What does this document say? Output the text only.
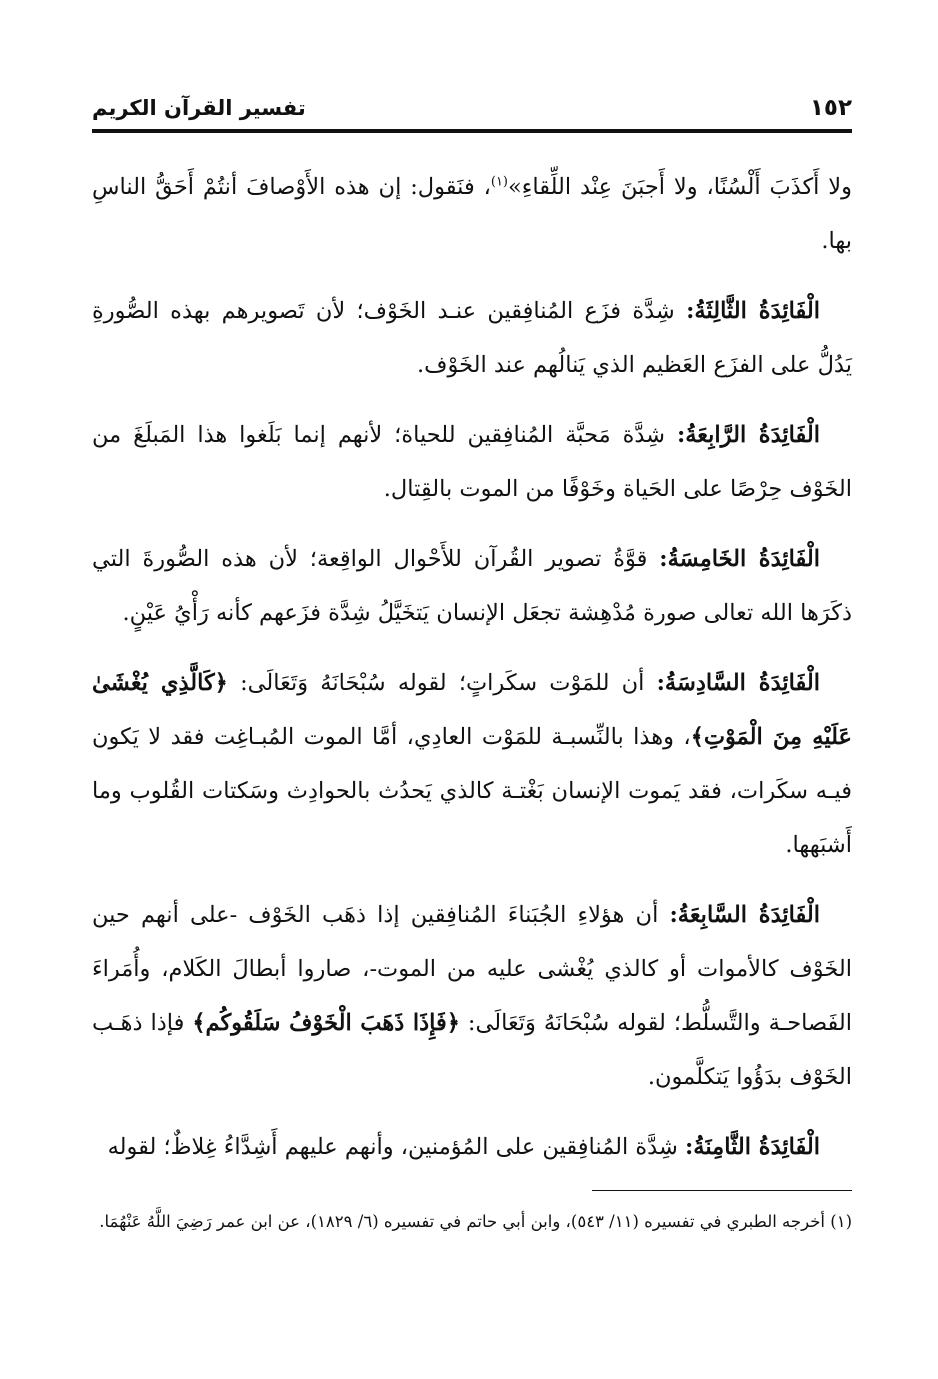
١٥٢
تفسير القرآن الكريم

ولا أَكذَبَ أَلْسُنًا، ولا أَجبَنَ عِنْد اللِّقاءِ»$^{(١)}$، فنَقول: إن هذه الأَوْصافَ أنتُمْ أَحَقُّ الناسِ بها.

الْفَائِدَةُ الثَّالِثَةُ: شِدَّة فزَع المُنافِقين عنـد الخَوْف؛ لأن تَصويرهم بهذه الصُّورةِ يَدُلُّ على الفزَع العَظيم الذي يَنالُهم عند الخَوْف.

الْفَائِدَةُ الرَّابِعَةُ: شِدَّة مَحبَّة المُنافِقين للحياة؛ لأنهم إنما بَلَغوا هذا المَبلَغَ من الخَوْف حِرْصًا على الحَياة وخَوْفًا من الموت بالقِتال.

الْفَائِدَةُ الخَامِسَةُ: قوَّةُ تصوير القُرآن للأَحْوال الواقِعة؛ لأن هذه الصُّورةَ التي ذكَرَها الله تعالى صورة مُدْهِشة تجعَل الإنسان يَتخَيَّلُ شِدَّة فزَعهم كأنه رَأْيُ عَيْنٍ.

الْفَائِدَةُ السَّادِسَةُ: أن للمَوْت سكَراتٍ؛ لقوله سُبْحَانَهُ وَتَعَالَى: ﴿كَالَّذِي يُغْشَىٰ عَلَيْهِ مِنَ الْمَوْتِ﴾، وهذا بالنِّسبـة للمَوْت العادِي، أمَّا الموت المُبـاغِت فقد لا يَكون فيـه سكَرات، فقد يَموت الإنسان بَغْتـة كالذي يَحدُث بالحوادِث وسَكتات القُلوب وما أَشبَهها.

الْفَائِدَةُ السَّابِعَةُ: أن هؤلاءِ الجُبَناءَ المُنافِقين إذا ذهَب الخَوْف -على أنهم حين الخَوْف كالأموات أو كالذي يُغْشى عليه من الموت-، صاروا أبطالَ الكَلام، وأُمَراءَ الفَصاحـة والتَّسلُّط؛ لقوله سُبْحَانَهُ وَتَعَالَى: ﴿فَإِذَا ذَهَبَ الْخَوْفُ سَلَقُوكُم﴾ فإذا ذهَـب الخَوْف بدَؤُوا يَتكلَّمون.

الْفَائِدَةُ الثَّامِنَةُ: شِدَّة المُنافِقين على المُؤمنين، وأنهم عليهم أَشِدَّاءُ غِلاظٌ؛ لقوله

(١) أخرجه الطبري في تفسيره (١١/ ٥٤٣)، وابن أبي حاتم في تفسيره (٦/ ١٨٢٩)، عن ابن عمر رَضِيَ اللَّهُ عَنْهُمَا.
